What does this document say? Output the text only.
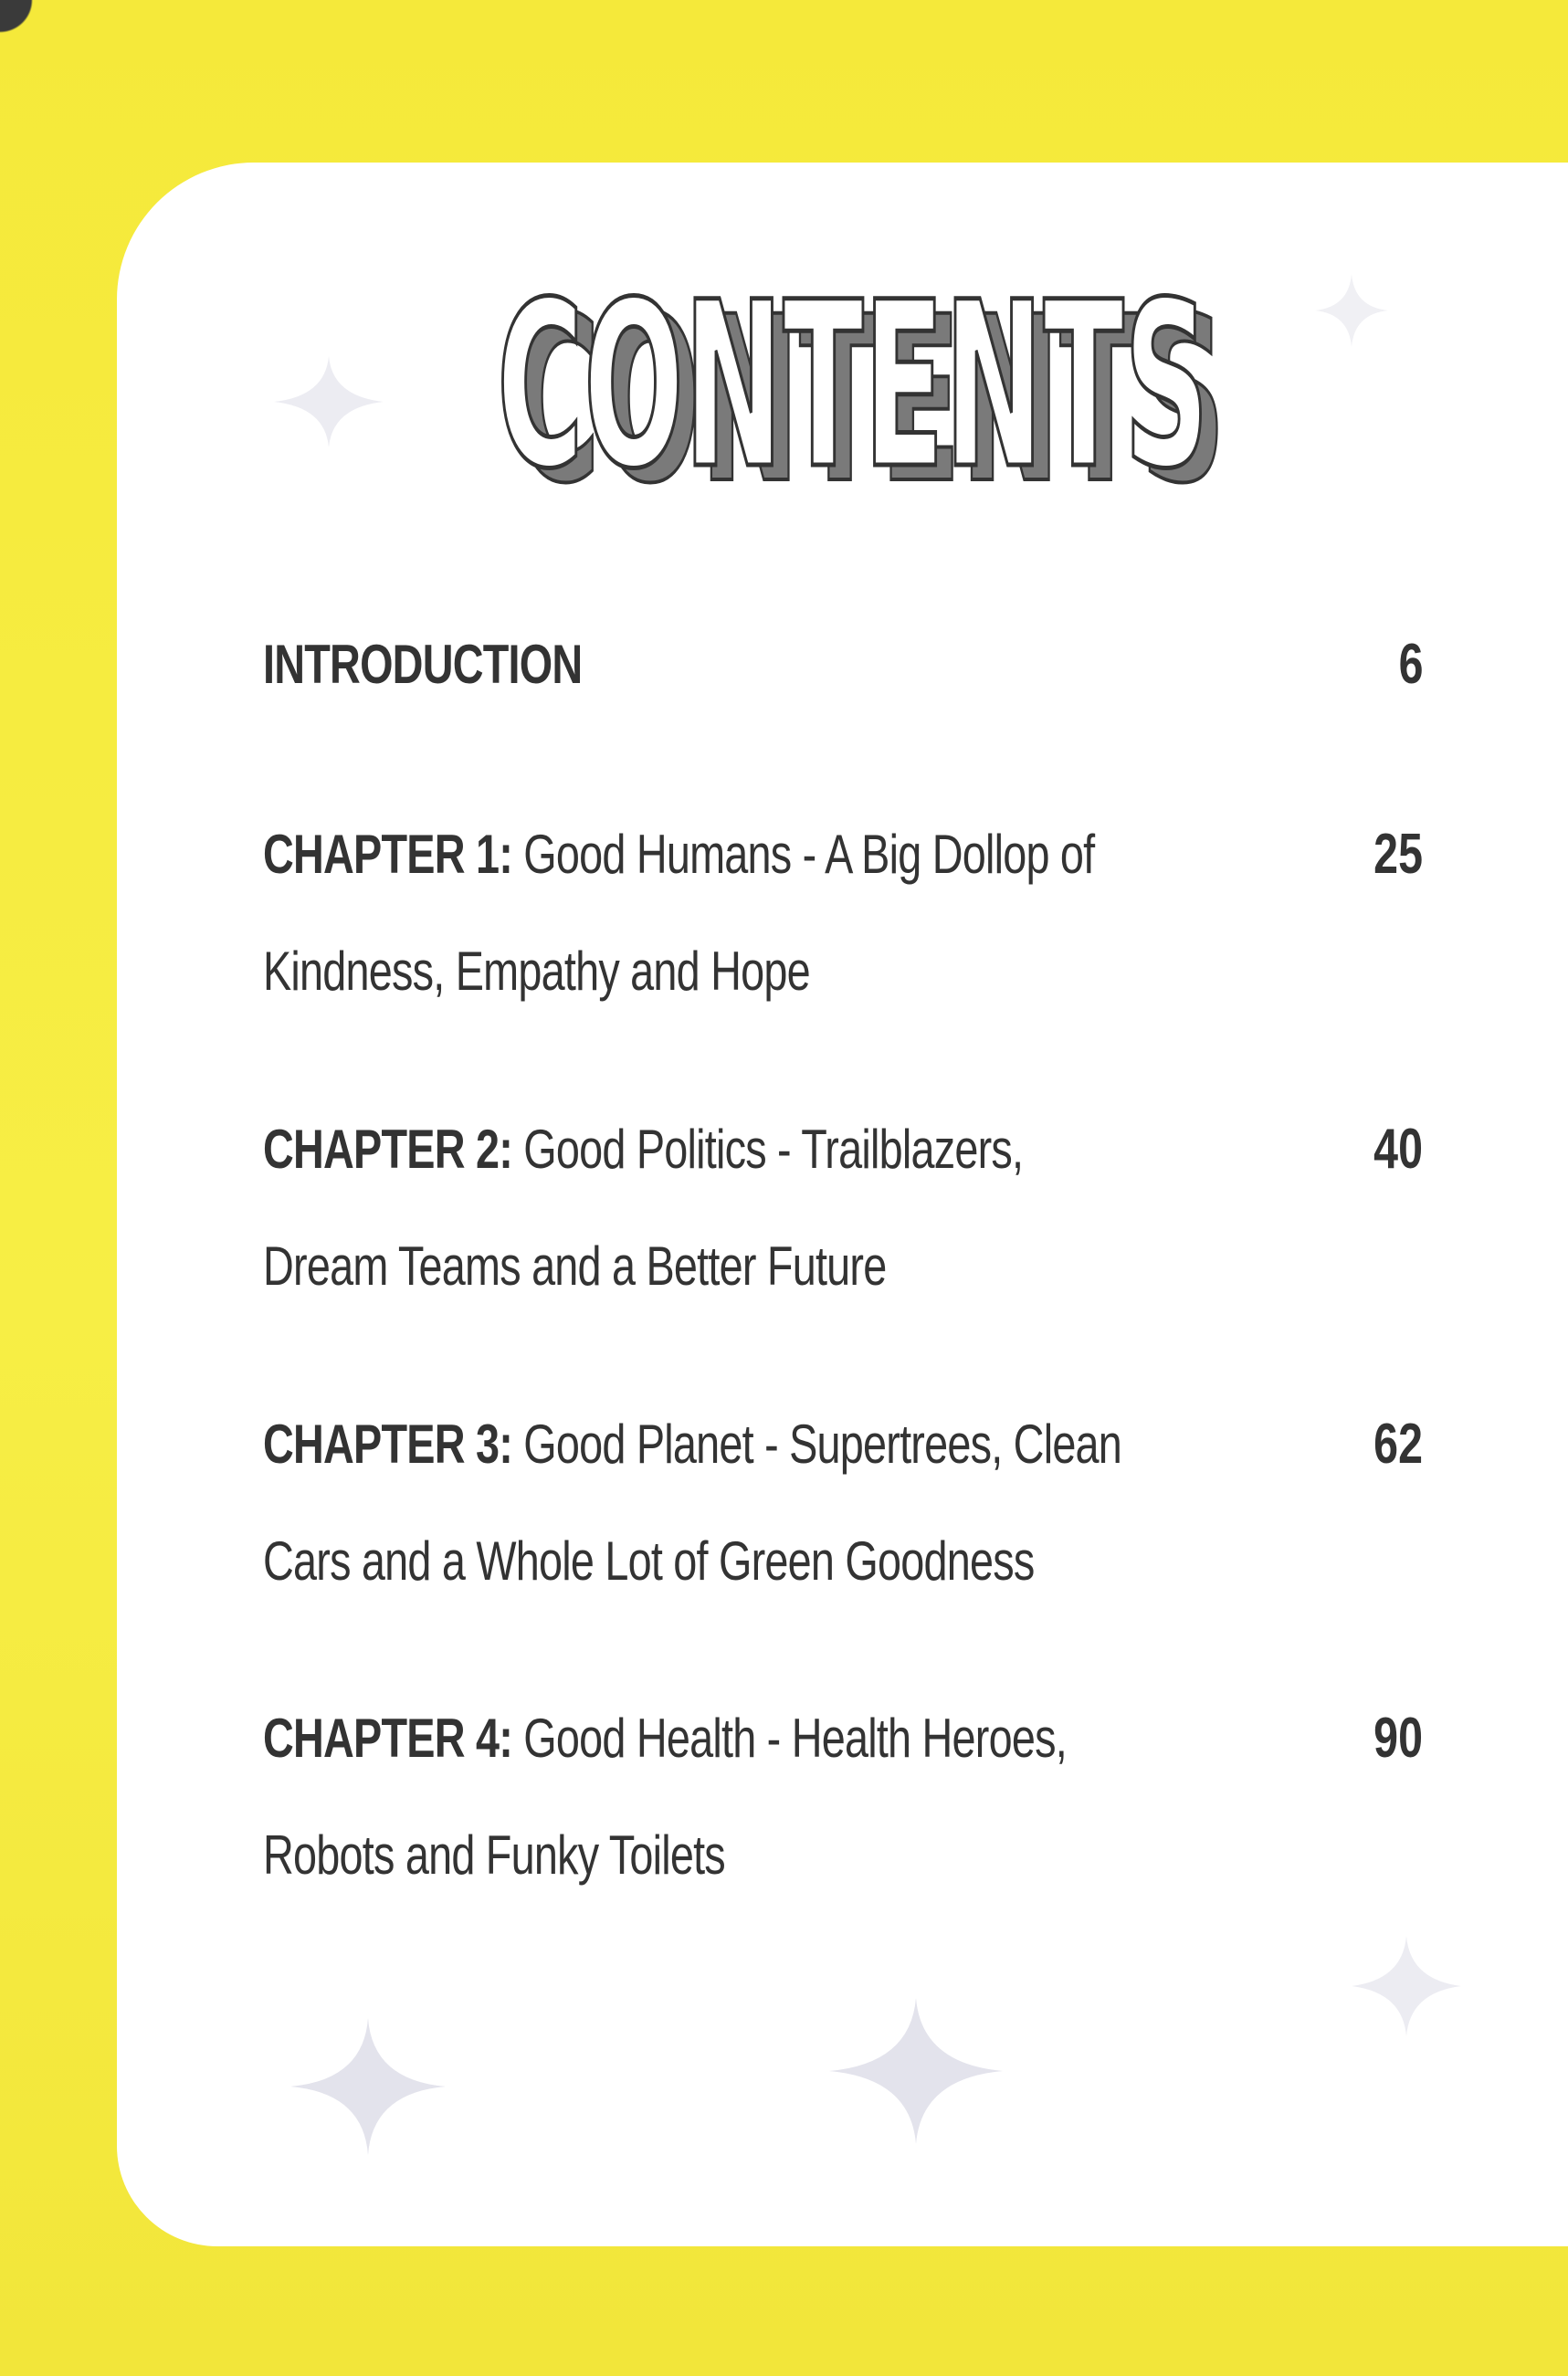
CONTENTS
CONTENTS
INTRODUCTION	6
CHAPTER 1: Good Humans - A Big Dollop of
Kindness, Empathy and Hope
25
CHAPTER 2: Good Politics - Trailblazers,
Dream Teams and a Better Future
40
CHAPTER 3: Good Planet - Supertrees, Clean
Cars and a Whole Lot of Green Goodness
62
CHAPTER 4: Good Health - Health Heroes,
Robots and Funky Toilets
90
